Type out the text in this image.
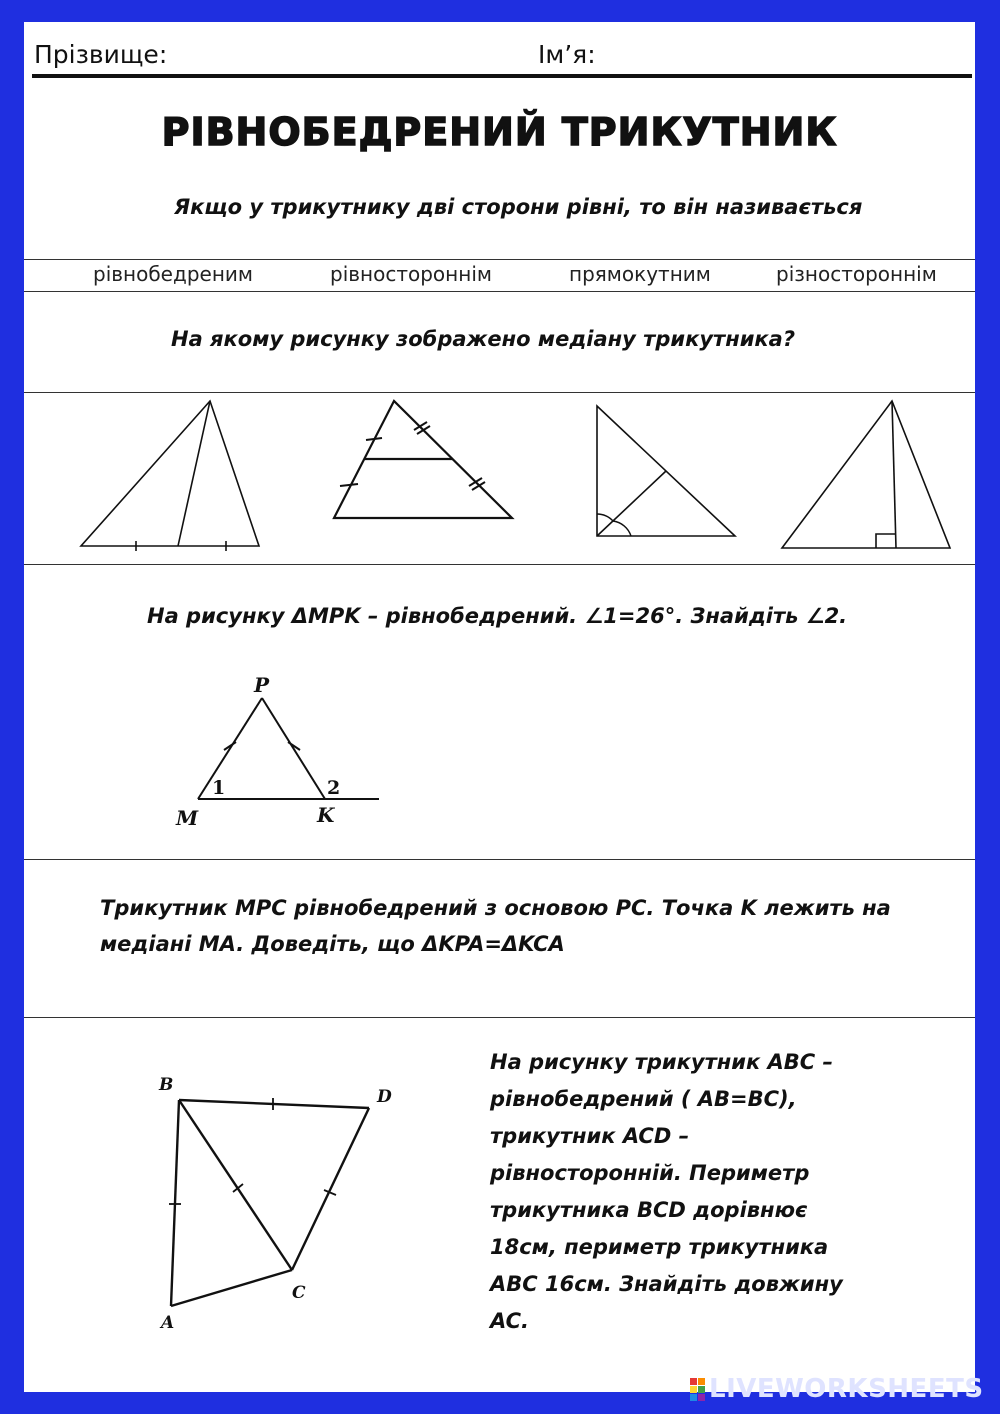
Прізвище:	Ім’я:
РІВНОБЕДРЕНИЙ ТРИКУТНИК
Якщо у трикутнику дві сторони рівні, то він називається
рівнобедреним	рівностороннім	прямокутним	різностороннім
На якому рисунку зображено медіану трикутника?
На рисунку ΔMPK – рівнобедрений. ∠1=26°. Знайдіть ∠2.
P
M	K
1	2
Трикутник MPC рівнобедрений з основою PC. Точка K лежить на
медіані MA. Доведіть, що ΔKPA=ΔKCA
B
D
C
A
На рисунку трикутник ABC –
рівнобедрений ( AB=BC),
трикутник ACD –
рівносторонній. Периметр
трикутника BCD дорівнює
18см, периметр трикутника
ABC 16см. Знайдіть довжину
AC.
LIVEWORKSHEETS
